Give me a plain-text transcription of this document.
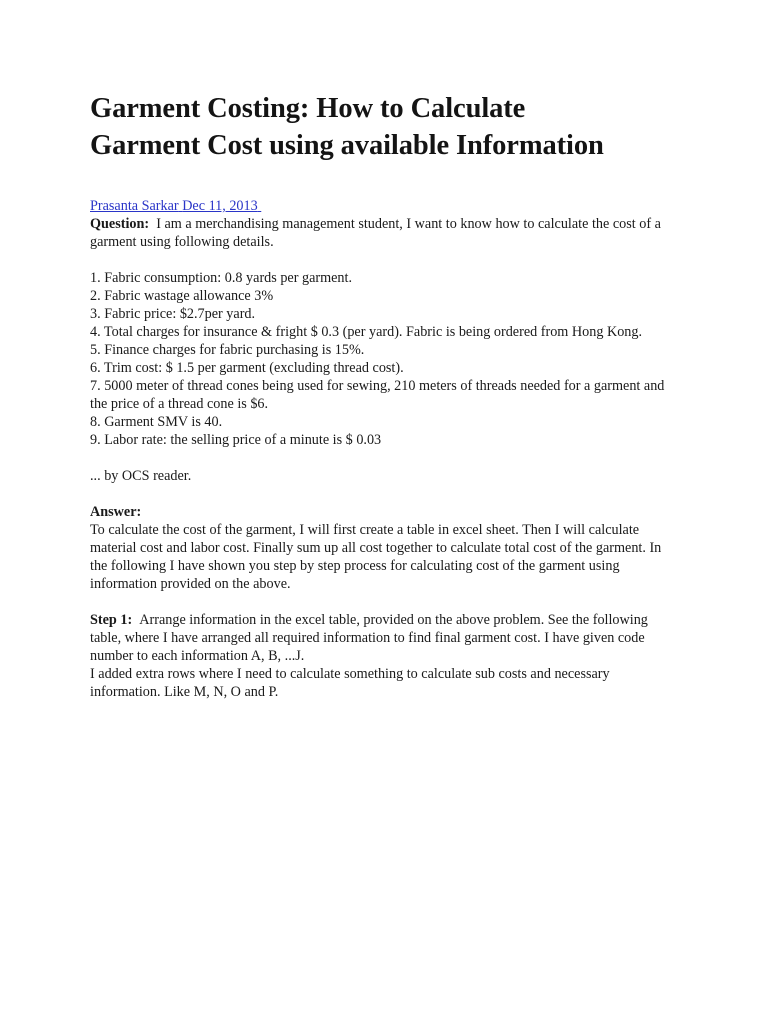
Garment Costing: How to Calculate
Garment Cost using available Information
Prasanta Sarkar Dec 11, 2013

Question: I am a merchandising management student, I want to know how to calculate the cost of a garment using following details.

1. Fabric consumption: 0.8 yards per garment.
2. Fabric wastage allowance 3%
3. Fabric price: $2.7per yard.
4. Total charges for insurance & fright $ 0.3 (per yard). Fabric is being ordered from Hong Kong.
5. Finance charges for fabric purchasing is 15%.
6. Trim cost: $ 1.5 per garment (excluding thread cost).
7. 5000 meter of thread cones being used for sewing, 210 meters of threads needed for a garment and the price of a thread cone is $6.
8. Garment SMV is 40.
9. Labor rate: the selling price of a minute is $ 0.03

... by OCS reader.

Answer:

To calculate the cost of the garment, I will first create a table in excel sheet. Then I will calculate material cost and labor cost. Finally sum up all cost together to calculate total cost of the garment. In the following I have shown you step by step process for calculating cost of the garment using information provided on the above.

Step 1: Arrange information in the excel table, provided on the above problem. See the following table, where I have arranged all required information to find final garment cost. I have given code number to each information A, B, ...J.

I added extra rows where I need to calculate something to calculate sub costs and necessary information. Like M, N, O and P.
